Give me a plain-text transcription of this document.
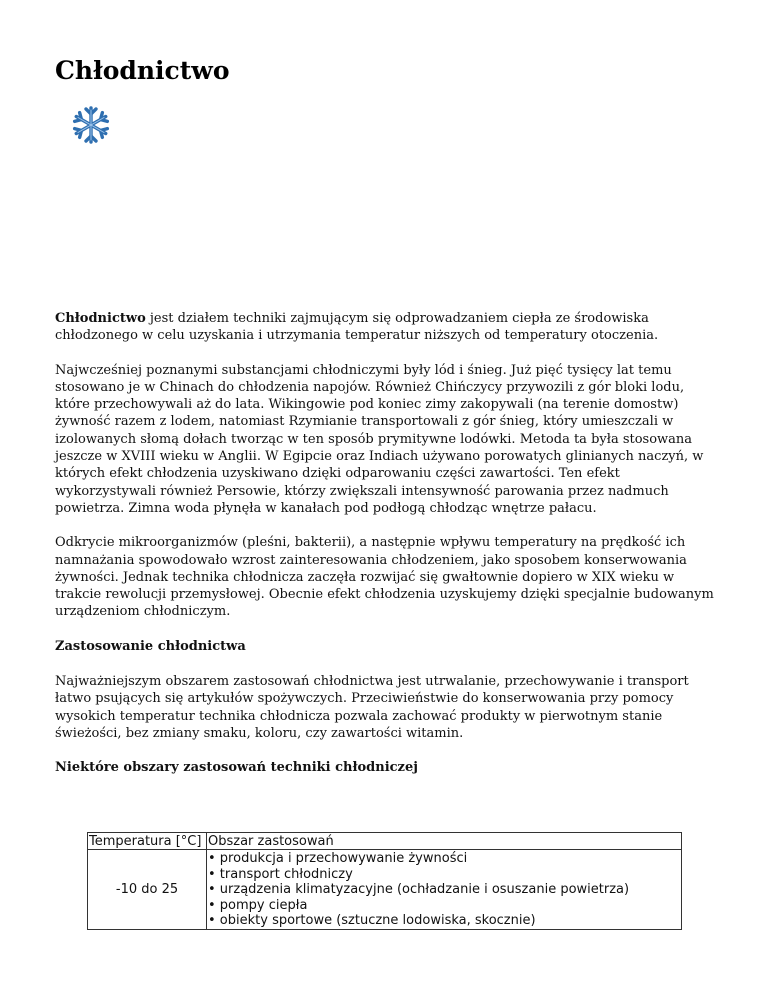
Chłodnictwo

Chłodnictwo jest działem techniki zajmującym się odprowadzaniem ciepła ze środowiska chłodzonego w celu uzyskania i utrzymania temperatur niższych od temperatury otoczenia.

Najwcześniej poznanymi substancjami chłodniczymi były lód i śnieg. Już pięć tysięcy lat temu stosowano je w Chinach do chłodzenia napojów. Również Chińczycy przywozili z gór bloki lodu, które przechowywali aż do lata. Wikingowie pod koniec zimy zakopywali (na terenie domostw) żywność razem z lodem, natomiast Rzymianie transportowali z gór śnieg, który umieszczali w izolowanych słomą dołach tworząc w ten sposób prymitywne lodówki. Metoda ta była stosowana jeszcze w XVIII wieku w Anglii. W Egipcie oraz Indiach używano porowatych glinianych naczyń, w których efekt chłodzenia uzyskiwano dzięki odparowaniu części zawartości. Ten efekt wykorzystywali również Persowie, którzy zwiększali intensywność parowania przez nadmuch powietrza. Zimna woda płynęła w kanałach pod podłogą chłodząc wnętrze pałacu.

Odkrycie mikroorganizmów (pleśni, bakterii), a następnie wpływu temperatury na prędkość ich namnażania spowodowało wzrost zainteresowania chłodzeniem, jako sposobem konserwowania żywności. Jednak technika chłodnicza zaczęła rozwijać się gwałtownie dopiero w XIX wieku w trakcie rewolucji przemysłowej. Obecnie efekt chłodzenia uzyskujemy dzięki specjalnie budowanym urządzeniom chłodniczym.

Zastosowanie chłodnictwa

Najważniejszym obszarem zastosowań chłodnictwa jest utrwalanie, przechowywanie i transport łatwo psujących się artykułów spożywczych. Przeciwieństwie do konserwowania przy pomocy wysokich temperatur technika chłodnicza pozwala zachować produkty w pierwotnym stanie świeżości, bez zmiany smaku, koloru, czy zawartości witamin.

Niektóre obszary zastosowań techniki chłodniczej
Temperatura [°C]	Obszar zastosowań
-10 do 25	• produkcja i przechowywanie żywności
• transport chłodniczy
• urządzenia klimatyzacyjne (ochładzanie i osuszanie powietrza)
• pompy ciepła
• obiekty sportowe (sztuczne lodowiska, skocznie)
